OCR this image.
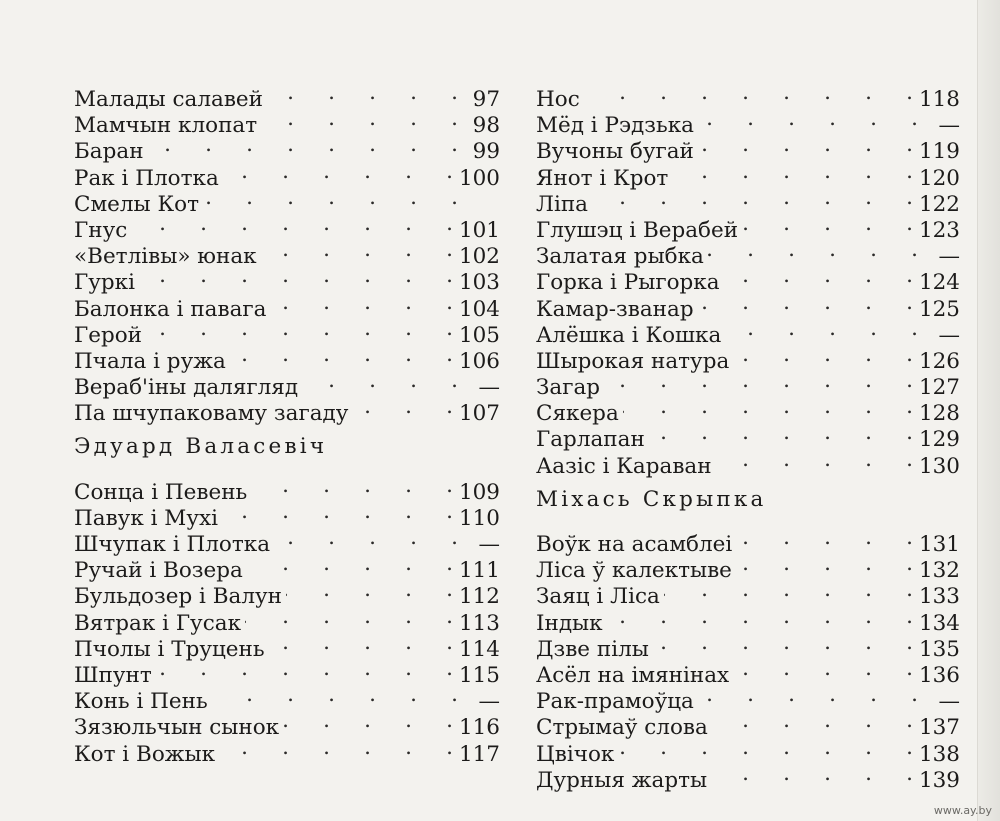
Малады салавей .	97
Мамчын клопат .	98
Баран .	99
Рак і Плотка .	100
Смелы Кот
.
Гнус .	101
«Ветлівы» юнак .	102
Гуркі .	103
Балонка і павага .	104
Герой .	105
Пчала і ружа .	106
Вераб'іны далягляд .	—
Па шчупаковаму загаду .	107
Эдуард Валасевіч
Сонца і Певень .	109
Павук і Мухі .	110
Шчупак і Плотка .	—
Ручай і Возера .	111
Бульдозер і Валун .	112
Вятрак і Гусак .	113
Пчолы і Труцень .	114
Шпунт .	115
Конь і Пень .	—
Зязюльчын сынок .	116
Кот і Вожык .	117
Нос .	118
Мёд і Рэдзька .	—
Вучоны бугай .	119
Янот і Крот .	120
Ліпа .	122
Глушэц і Верабей .	123
Залатая рыбка .	—
Горка і Рыгорка .	124
Камар-званар .	125
Алёшка і Кошка .	—
Шырокая натура .	126
Загар .	127
Сякера .	128
Гарлапан .	129
Аазіс і Караван .	130
Міхась Скрыпка
Воўк на асамблеі .	131
Ліса ў калектыве .	132
Заяц і Ліса .	133
Індык .	134
Дзве пілы .	135
Асёл на імянінах .	136
Рак-прамоўца .	—
Стрымаў слова .	137
Цвічок .	138
Дурныя жарты .	139
www.ay.by
